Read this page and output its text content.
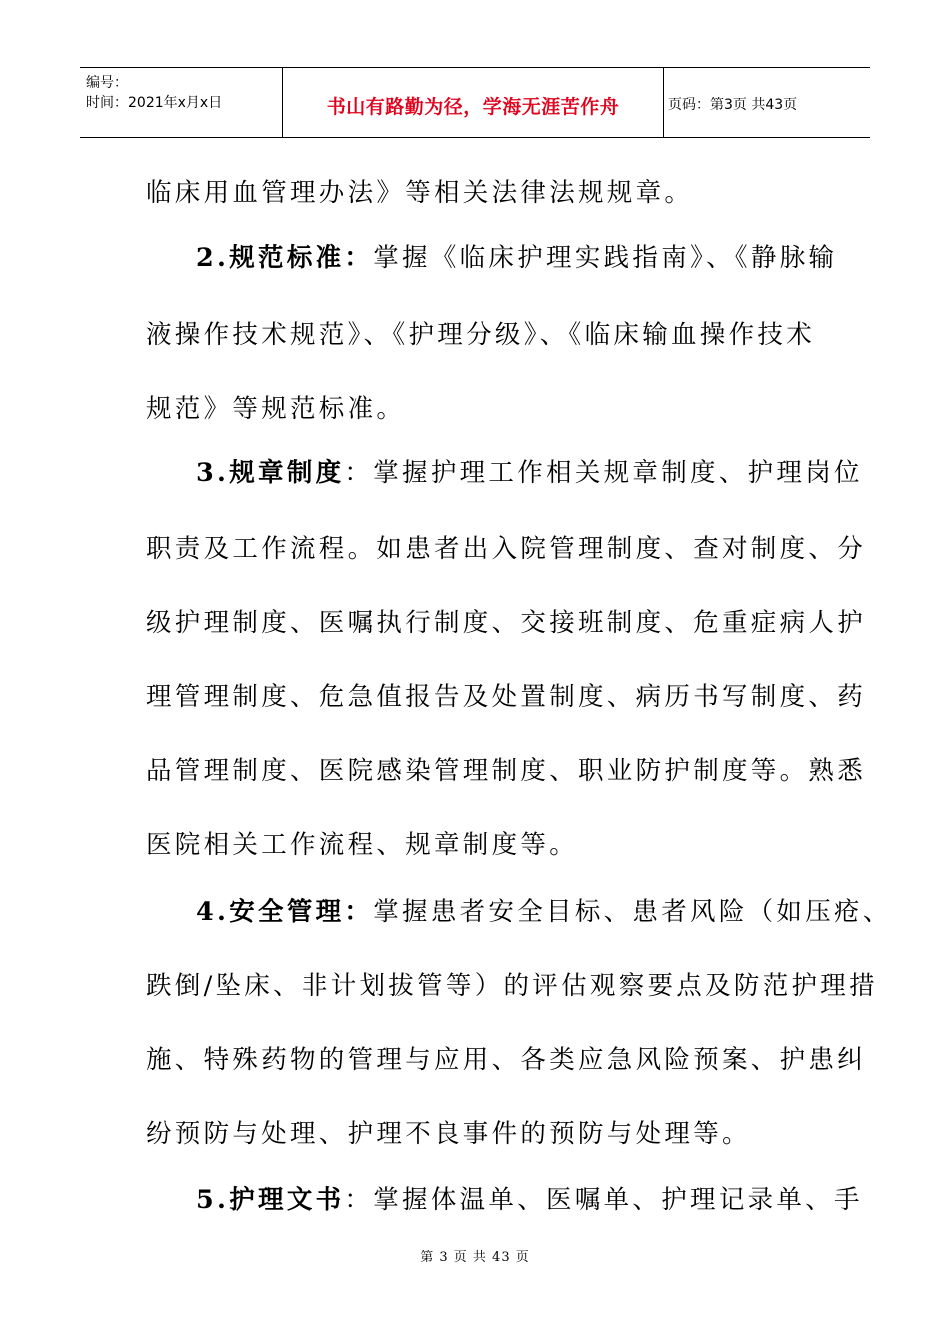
编号：
时间：2021年x月x日	书山有路勤为径，学海无涯苦作舟	页码：第3页 共43页
临床用血管理办法》等相关法律法规规章。
2.规范标准：掌握《临床护理实践指南》、《静脉输
液操作技术规范》、《护理分级》、《临床输血操作技术
规范》等规范标准。
3.规章制度：掌握护理工作相关规章制度、护理岗位
职责及工作流程。如患者出入院管理制度、查对制度、分
级护理制度、医嘱执行制度、交接班制度、危重症病人护
理管理制度、危急值报告及处置制度、病历书写制度、药
品管理制度、医院感染管理制度、职业防护制度等。熟悉
医院相关工作流程、规章制度等。
4.安全管理：掌握患者安全目标、患者风险（如压疮、
跌倒/坠床、非计划拔管等）的评估观察要点及防范护理措
施、特殊药物的管理与应用、各类应急风险预案、护患纠
纷预防与处理、护理不良事件的预防与处理等。
5.护理文书：掌握体温单、医嘱单、护理记录单、手
第 3 页 共 43 页
